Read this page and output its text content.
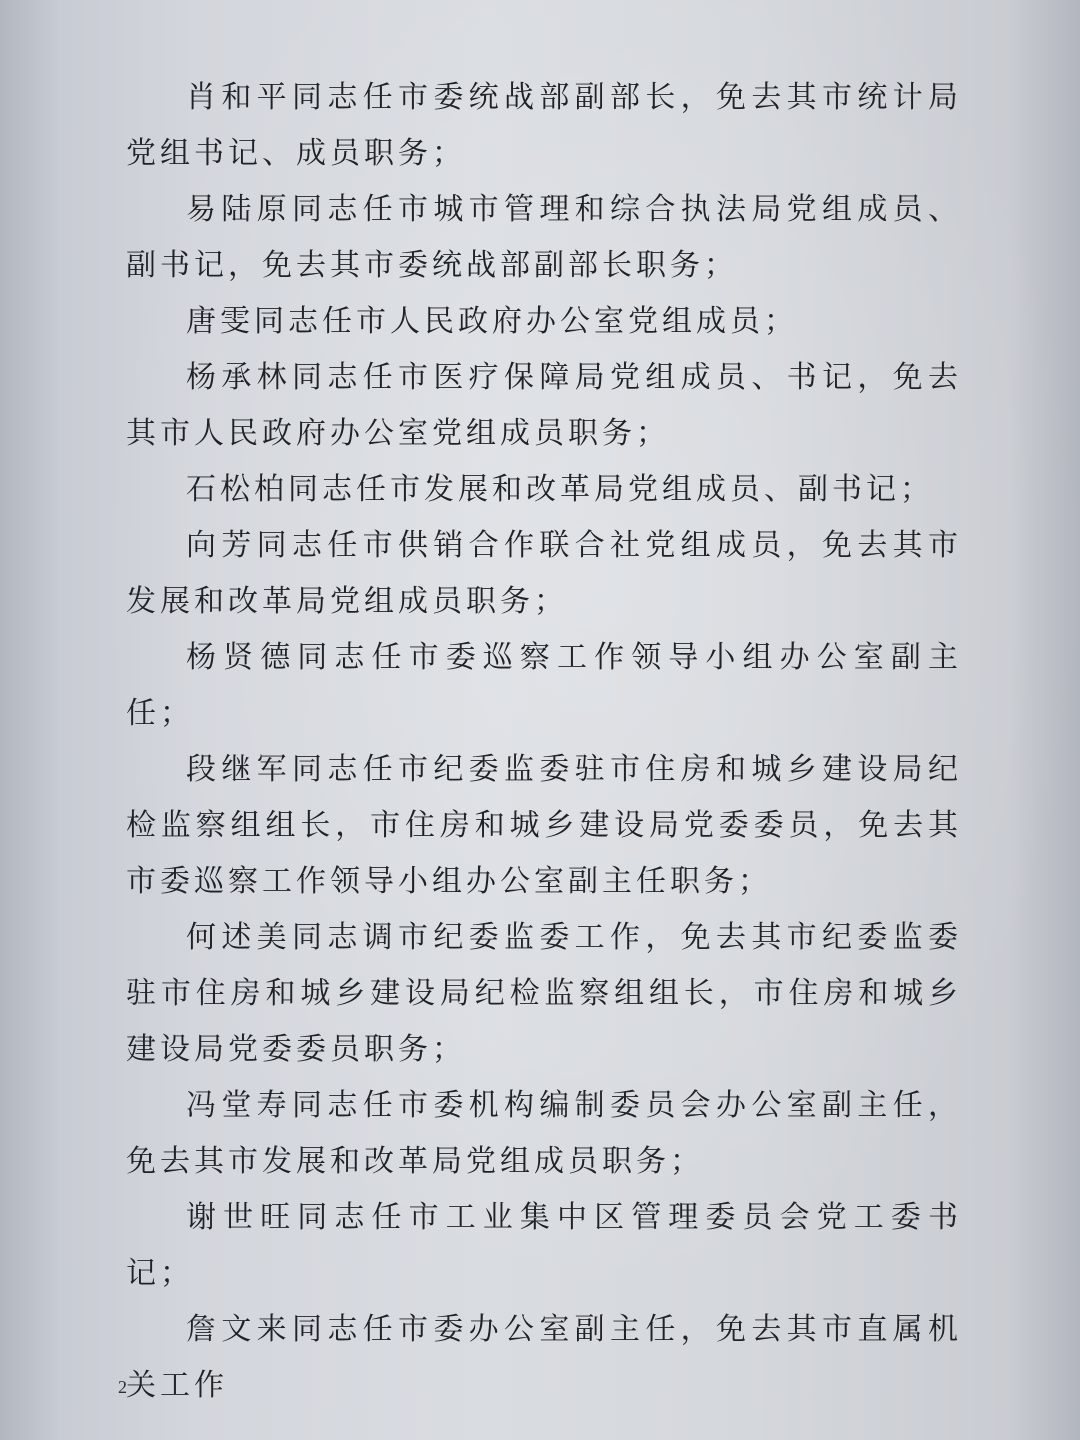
肖和平同志任市委统战部副部长，免去其市统计局党组书记、成员职务；

易陆原同志任市城市管理和综合执法局党组成员、副书记，免去其市委统战部副部长职务；

唐雯同志任市人民政府办公室党组成员；

杨承林同志任市医疗保障局党组成员、书记，免去其市人民政府办公室党组成员职务；

石松柏同志任市发展和改革局党组成员、副书记；

向芳同志任市供销合作联合社党组成员，免去其市发展和改革局党组成员职务；

杨贤德同志任市委巡察工作领导小组办公室副主任；

段继军同志任市纪委监委驻市住房和城乡建设局纪检监察组组长，市住房和城乡建设局党委委员，免去其市委巡察工作领导小组办公室副主任职务；

何述美同志调市纪委监委工作，免去其市纪委监委驻市住房和城乡建设局纪检监察组组长，市住房和城乡建设局党委委员职务；

冯堂寿同志任市委机构编制委员会办公室副主任，免去其市发展和改革局党组成员职务；

谢世旺同志任市工业集中区管理委员会党工委书记；

詹文来同志任市委办公室副主任，免去其市直属机关工作

2
